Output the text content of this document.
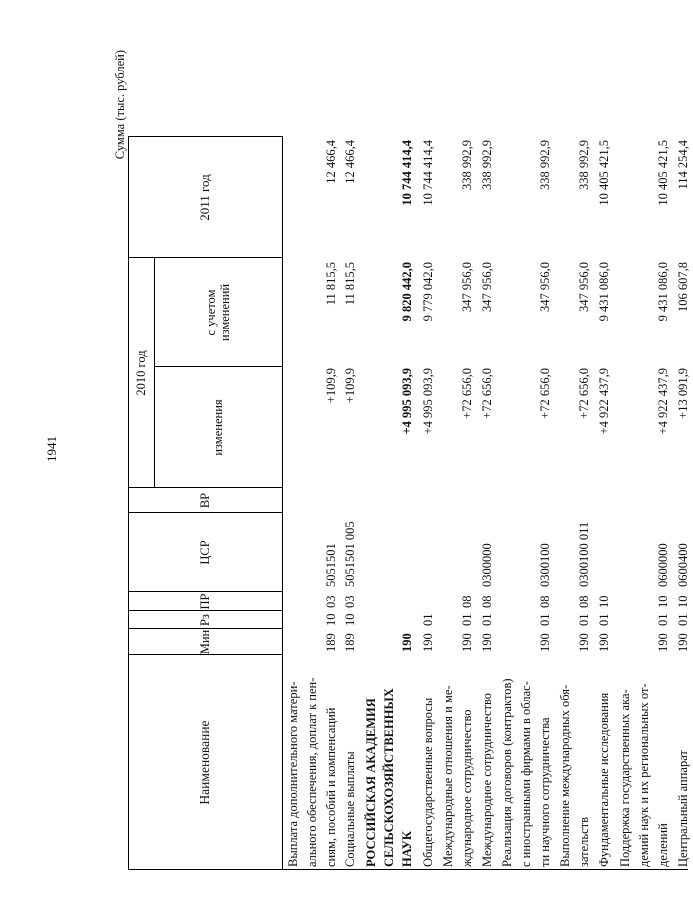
1941
Сумма (тыс. рублей)
Наименование
Мин
Рз
ПР
ЦСР
ВР
2010 год
изменения
с учетом изменений
2011 год
Выплата дополнительного матери- ального обеспечения, доплат к пен- сиям, пособий и компенсаций
189
10
03
5051501
+109,9
11 815,5
12 466,4
Социальные выплаты
189
10
03
5051501 005
+109,9
11 815,5
12 466,4
РОССИЙСКАЯ АКАДЕМИЯ СЕЛЬСКОХОЗЯЙСТВЕННЫХ НАУК
190
+4 995 093,9
9 820 442,0
10 744 414,4
Общегосударственные вопросы
190
01
+4 995 093,9
9 779 042,0
10 744 414,4
Международные отношения и ме- ждународное сотрудничество
190
01
08
+72 656,0
347 956,0
338 992,9
Международное сотрудничество
190
01
08
0300000
+72 656,0
347 956,0
338 992,9
Реализация договоров (контрактов) с иностранными фирмами в облас- ти научного сотрудничества
190
01
08
0300100
+72 656,0
347 956,0
338 992,9
Выполнение международных обя- зательств
190
01
08
0300100 011
+72 656,0
347 956,0
338 992,9
Фундаментальные исследования
190
01
10
+4 922 437,9
9 431 086,0
10 405 421,5
Поддержка государственных ака- демий наук и их региональных от- делений
190
01
10
0600000
+4 922 437,9
9 431 086,0
10 405 421,5
Центральный аппарат
190
01
10
0600400
+13 091,9
106 607,8
114 254,4
